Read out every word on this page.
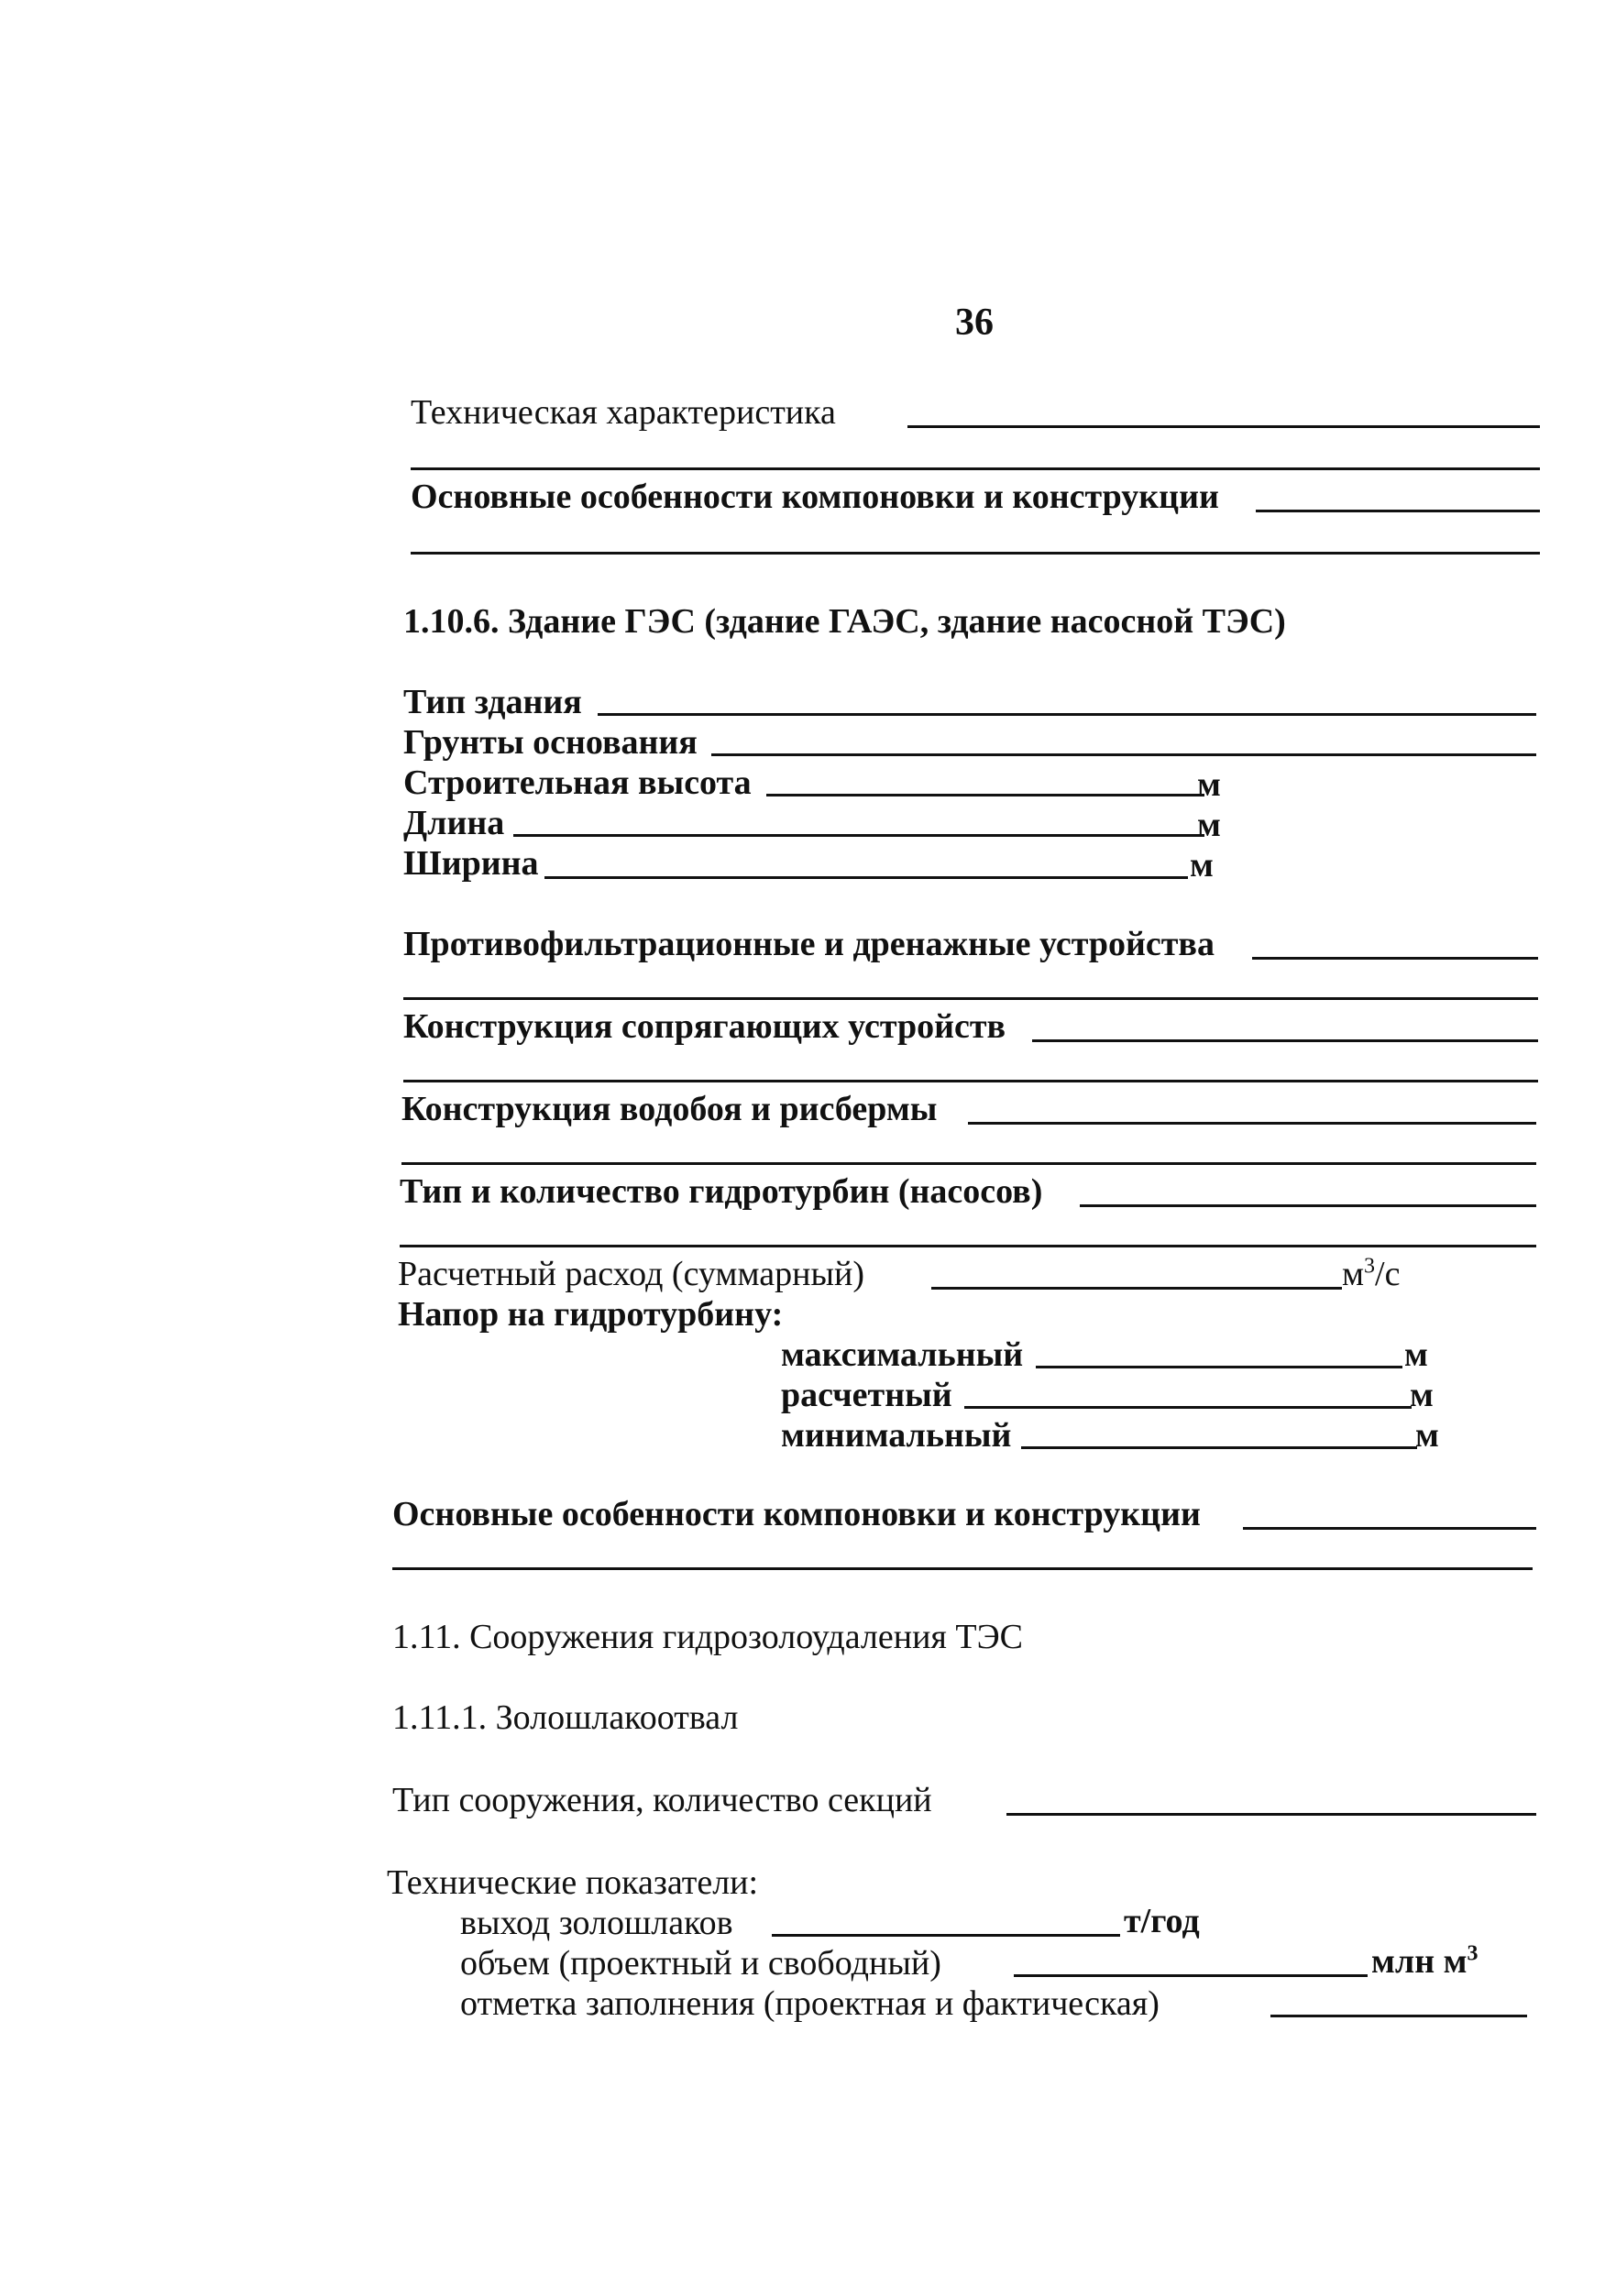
36
Техническая характеристика
Основные особенности компоновки и конструкции
1.10.6. Здание ГЭС (здание ГАЭС, здание насосной ТЭС)
Тип здания
Грунты основания
Строительная высота	м
Длина	м
Ширина	м
Противофильтрационные и дренажные устройства
Конструкция сопрягающих устройств
Конструкция водобоя и рисбермы
Тип и количество гидротурбин (насосов)
Расчетный расход (суммарный)	$м^3/с$
Напор на гидротурбину:
максимальный	м
расчетный	м
минимальный	м
Основные особенности компоновки и конструкции
1.11. Сооружения гидрозолоудаления ТЭС
1.11.1. Золошлакоотвал
Тип сооружения, количество секций
Технические показатели:
выход золошлаков	т/год
объем (проектный и свободный)	млн $м^3$
отметка заполнения (проектная и фактическая)
